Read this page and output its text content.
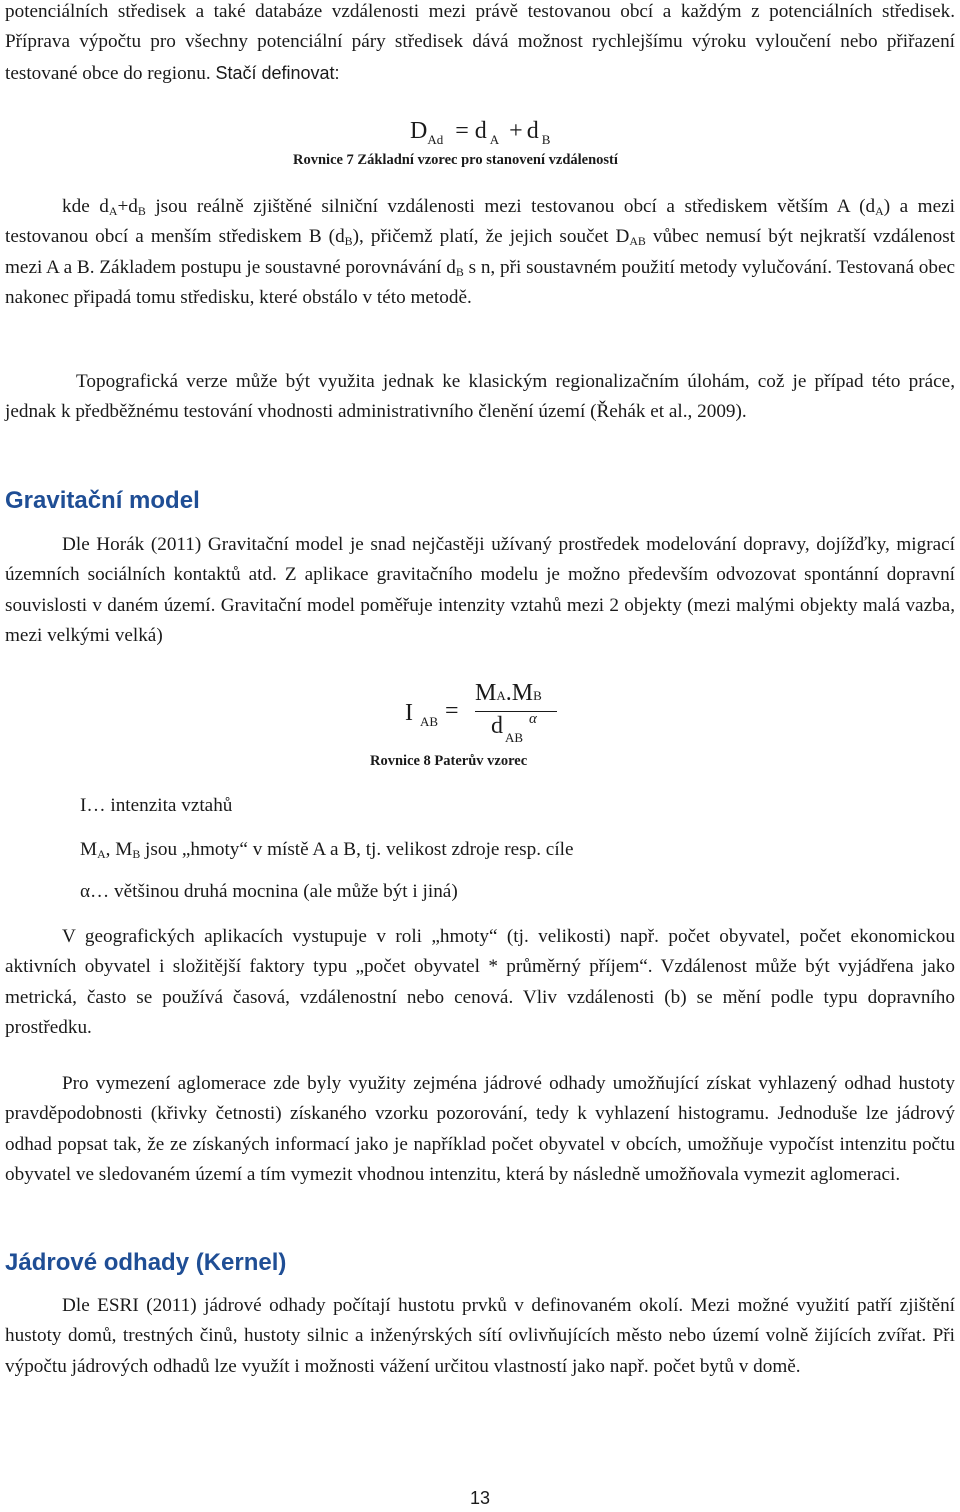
potenciálních středisek a také databáze vzdálenosti mezi právě testovanou obcí a každým z potenciálních středisek. Příprava výpočtu pro všechny potenciální páry středisek dává možnost rychlejšímu výroku vyloučení nebo přiřazení testované obce do regionu. Stačí definovat:

$D_{Ad} = d$ $_A$ + d $_B$

Rovnice 7 Základní vzorec pro stanovení vzdáleností

kde $d_A+d_B$ jsou reálně zjištěné silniční vzdálenosti mezi testovanou obcí a střediskem větším A $(d_A)$ a mezi testovanou obcí a menším střediskem B $(d_B)$, přičemž platí, že jejich součet $D_{AB}$ vůbec nemusí být nejkratší vzdálenost mezi A a B. Základem postupu je soustavné porovnávání $d_B$ s n, při soustavném použití metody vylučování. Testovaná obec nakonec připadá tomu středisku, které obstálo v této metodě.

Topografická verze může být využita jednak ke klasickým regionalizačním úlohám, což je případ této práce, jednak k předběžnému testování vhodnosti administrativního členění území (Řehák et al., 2009).

Gravitační model

Dle Horák (2011) Gravitační model je snad nejčastěji užívaný prostředek modelování dopravy, dojížďky, migrací územních sociálních kontaktů atd. Z aplikace gravitačního modelu je možno především odvozovat spontánní dopravní souvislosti v daném území. Gravitační model poměřuje intenzity vztahů mezi 2 objekty (mezi malými objekty malá vazba, mezi velkými velká)

I AB =
MA.MB
d AB
α

Rovnice 8 Paterův vzorec

I… intenzita vztahů

$M_A$, $M_B$ jsou „hmoty“ v místě A a B, tj. velikost zdroje resp. cíle

α… většinou druhá mocnina (ale může být i jiná)

V geografických aplikacích vystupuje v roli „hmoty“ (tj. velikosti) např. počet obyvatel, počet ekonomickou aktivních obyvatel i složitější faktory typu „počet obyvatel * průměrný příjem“. Vzdálenost může být vyjádřena jako metrická, často se používá časová, vzdálenostní nebo cenová. Vliv vzdálenosti (b) se mění podle typu dopravního prostředku.

Pro vymezení aglomerace zde byly využity zejména jádrové odhady umožňující získat vyhlazený odhad hustoty pravděpodobnosti (křivky četnosti) získaného vzorku pozorování, tedy k vyhlazení histogramu. Jednoduše lze jádrový odhad popsat tak, že ze získaných informací jako je například počet obyvatel v obcích, umožňuje vypočíst intenzitu počtu obyvatel ve sledovaném území a tím vymezit vhodnou intenzitu, která by následně umožňovala vymezit aglomeraci.

Jádrové odhady (Kernel)

Dle ESRI (2011) jádrové odhady počítají hustotu prvků v definovaném okolí. Mezi možné využití patří zjištění hustoty domů, trestných činů, hustoty silnic a inženýrských sítí ovlivňujících město nebo území volně žijících zvířat. Při výpočtu jádrových odhadů lze využít i možnosti vážení určitou vlastností jako např. počet bytů v domě.

13
